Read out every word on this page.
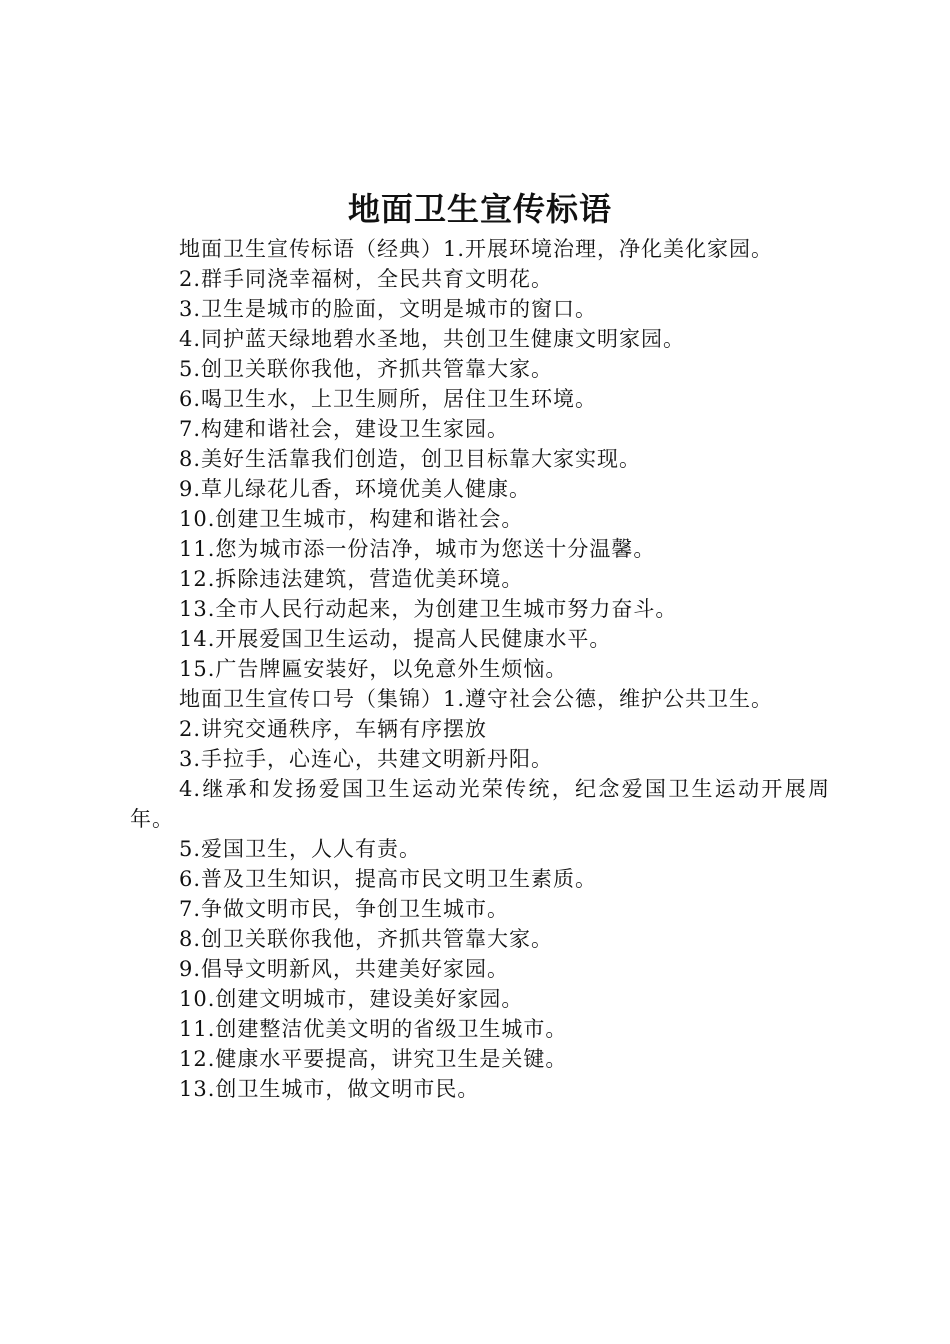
地面卫生宣传标语

地面卫生宣传标语（经典）1.开展环境治理，净化美化家园。

2.群手同浇幸福树，全民共育文明花。

3.卫生是城市的脸面，文明是城市的窗口。

4.同护蓝天绿地碧水圣地，共创卫生健康文明家园。

5.创卫关联你我他，齐抓共管靠大家。

6.喝卫生水，上卫生厕所，居住卫生环境。

7.构建和谐社会，建设卫生家园。

8.美好生活靠我们创造，创卫目标靠大家实现。

9.草儿绿花儿香，环境优美人健康。

10.创建卫生城市，构建和谐社会。

11.您为城市添一份洁净，城市为您送十分温馨。

12.拆除违法建筑，营造优美环境。

13.全市人民行动起来，为创建卫生城市努力奋斗。

14.开展爱国卫生运动，提高人民健康水平。

15.广告牌匾安装好，以免意外生烦恼。

地面卫生宣传口号（集锦）1.遵守社会公德，维护公共卫生。

2.讲究交通秩序，车辆有序摆放

3.手拉手，心连心，共建文明新丹阳。

4.继承和发扬爱国卫生运动光荣传统，纪念爱国卫生运动开展周年。

5.爱国卫生，人人有责。

6.普及卫生知识，提高市民文明卫生素质。

7.争做文明市民，争创卫生城市。

8.创卫关联你我他，齐抓共管靠大家。

9.倡导文明新风，共建美好家园。

10.创建文明城市，建设美好家园。

11.创建整洁优美文明的省级卫生城市。

12.健康水平要提高，讲究卫生是关键。

13.创卫生城市，做文明市民。
